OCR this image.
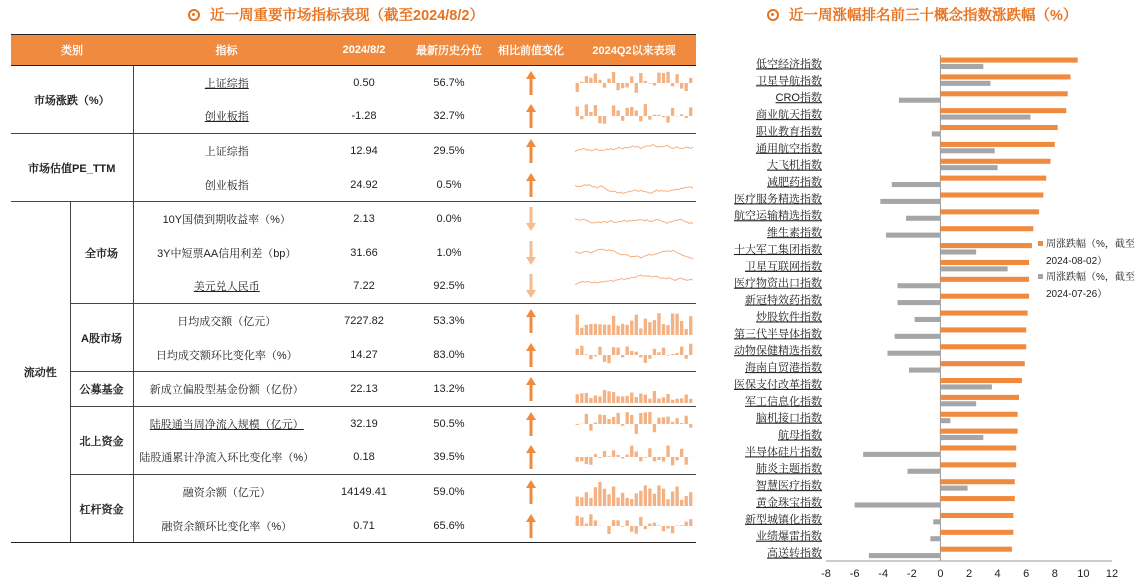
近一周重要市场指标表现（截至2024/8/2）	近一周涨幅排名前三十概念指数涨跌幅（%）
类别		指标	2024/8/2	最新历史分位	相比前值变化	2024Q2以来表现
市场涨跌（%）		上证综指	0.50	56.7%	

		创业板指	-1.28	32.7%	

市场估值PE_TTM		上证综指	12.94	29.5%	

		创业板指	24.92	0.5%	

流动性	全市场	10Y国债到期收益率（%）	2.13	0.0%	

		3Y中短票AA信用利差（bp）	31.66	1.0%	

		美元兑人民币	7.22	92.5%	

	A股市场	日均成交额（亿元）	7227.82	53.3%	

		日均成交额环比变化率（%）	14.27	83.0%	

	公募基金	新成立偏股型基金份额（亿份）	22.13	13.2%	

	北上资金	陆股通当周净流入规模（亿元）	32.19	50.5%	

		陆股通累计净流入环比变化率（%）	0.18	39.5%	

	杠杆资金	融资余额（亿元）	14149.41	59.0%	

		融资余额环比变化率（%）	0.71	65.6%	

-8 -6 -4 -2 0 2 4 6 8 10 12
低空经济指数
卫星导航指数
CRO指数
商业航天指数
职业教育指数
通用航空指数
大飞机指数
减肥药指数
医疗服务精选指数
航空运输精选指数
维生素指数
十大军工集团指数
卫星互联网指数
医疗物资出口指数
新冠特效药指数
炒股软件指数
第三代半导体指数
动物保健精选指数
海南自贸港指数
医保支付改革指数
军工信息化指数
脑机接口指数
航母指数
半导体硅片指数
肺炎主题指数
智慧医疗指数
黄金珠宝指数
新型城镇化指数
业绩爆雷指数
高送转指数
周涨跌幅（%，截至
2024-08-02）
周涨跌幅（%，截至
2024-07-26）
